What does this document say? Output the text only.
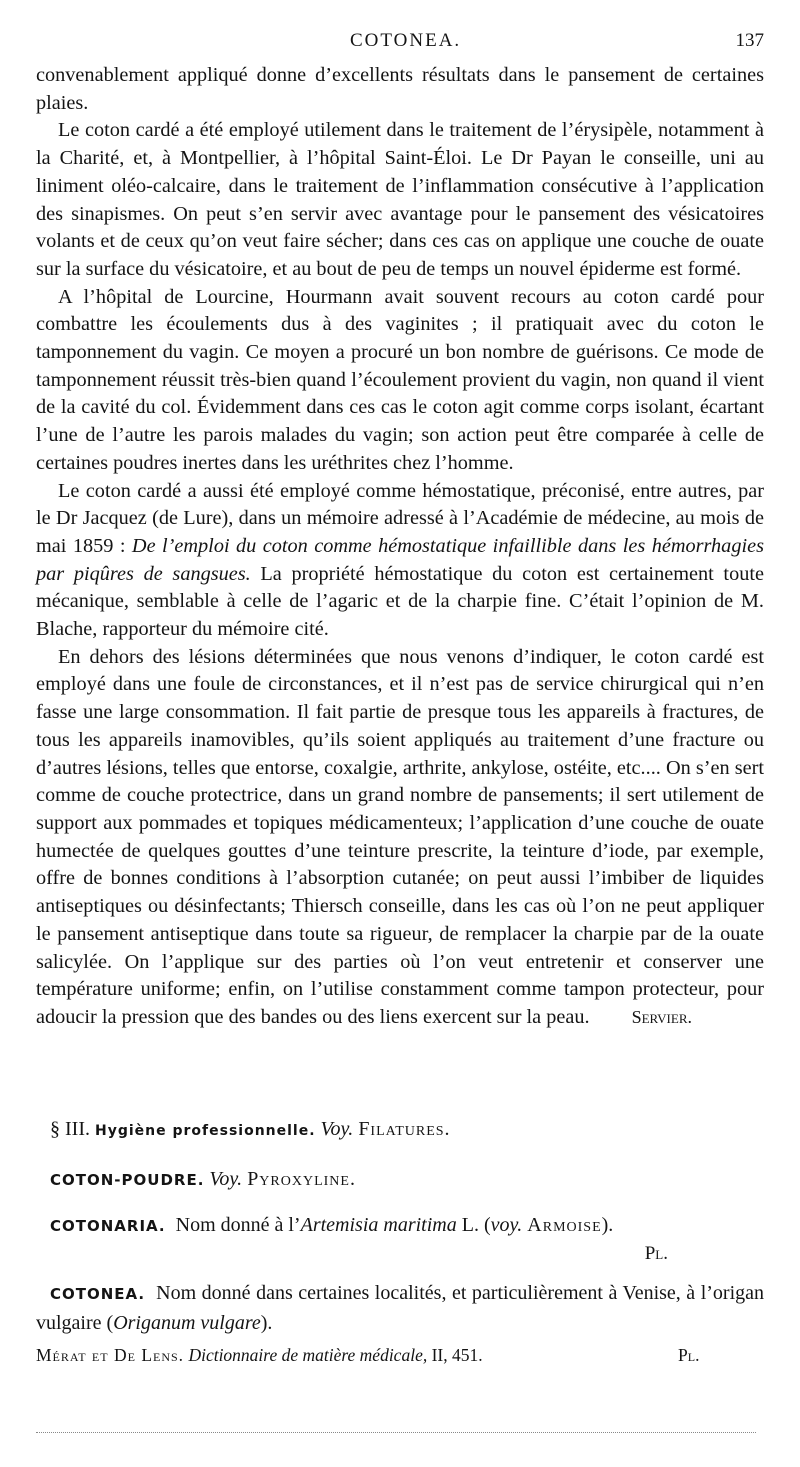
COTONEA.	137

convenablement appliqué donne d’excellents résultats dans le pansement de certaines plaies.

Le coton cardé a été employé utilement dans le traitement de l’érysipèle, notamment à la Charité, et, à Montpellier, à l’hôpital Saint-Éloi. Le Dr Payan le conseille, uni au liniment oléo-calcaire, dans le traitement de l’inflammation consécutive à l’application des sinapismes. On peut s’en servir avec avantage pour le pansement des vésicatoires volants et de ceux qu’on veut faire sécher; dans ces cas on applique une couche de ouate sur la surface du vésicatoire, et au bout de peu de temps un nouvel épiderme est formé.

A l’hôpital de Lourcine, Hourmann avait souvent recours au coton cardé pour combattre les écoulements dus à des vaginites ; il pratiquait avec du coton le tamponnement du vagin. Ce moyen a procuré un bon nombre de guérisons. Ce mode de tamponnement réussit très-bien quand l’écoulement provient du vagin, non quand il vient de la cavité du col. Évidemment dans ces cas le coton agit comme corps isolant, écartant l’une de l’autre les parois malades du vagin; son action peut être comparée à celle de certaines poudres inertes dans les uréthrites chez l’homme.

Le coton cardé a aussi été employé comme hémostatique, préconisé, entre autres, par le Dr Jacquez (de Lure), dans un mémoire adressé à l’Académie de médecine, au mois de mai 1859 : De l’emploi du coton comme hémostatique infaillible dans les hémorrhagies par piqûres de sangsues. La propriété hémostatique du coton est certainement toute mécanique, semblable à celle de l’agaric et de la charpie fine. C’était l’opinion de M. Blache, rapporteur du mémoire cité.

En dehors des lésions déterminées que nous venons d’indiquer, le coton cardé est employé dans une foule de circonstances, et il n’est pas de service chirurgical qui n’en fasse une large consommation. Il fait partie de presque tous les appareils à fractures, de tous les appareils inamovibles, qu’ils soient appliqués au traitement d’une fracture ou d’autres lésions, telles que entorse, coxalgie, arthrite, ankylose, ostéite, etc.... On s’en sert comme de couche protectrice, dans un grand nombre de pansements; il sert utilement de support aux pommades et topiques médicamenteux; l’application d’une couche de ouate humectée de quelques gouttes d’une teinture prescrite, la teinture d’iode, par exemple, offre de bonnes conditions à l’absorption cutanée; on peut aussi l’imbiber de liquides antiseptiques ou désinfectants; Thiersch conseille, dans les cas où l’on ne peut appliquer le pansement antiseptique dans toute sa rigueur, de remplacer la charpie par de la ouate salicylée. On l’applique sur des parties où l’on veut entretenir et conserver une température uniforme; enfin, on l’utilise constamment comme tampon protecteur, pour adoucir la pression que des bandes ou des liens exercent sur la peau.	Servier.

§ III. Hygiène professionnelle. Voy. Filatures.

COTON-POUDRE. Voy. Pyroxyline.

COTONARIA. Nom donné à l’Artemisia maritima L. (voy. Armoise).

Pl.

COTONEA. Nom donné dans certaines localités, et particulièrement à Venise, à l’origan vulgaire (Origanum vulgare).

Mérat et De Lens. Dictionnaire de matière médicale, II, 451.	Pl.
